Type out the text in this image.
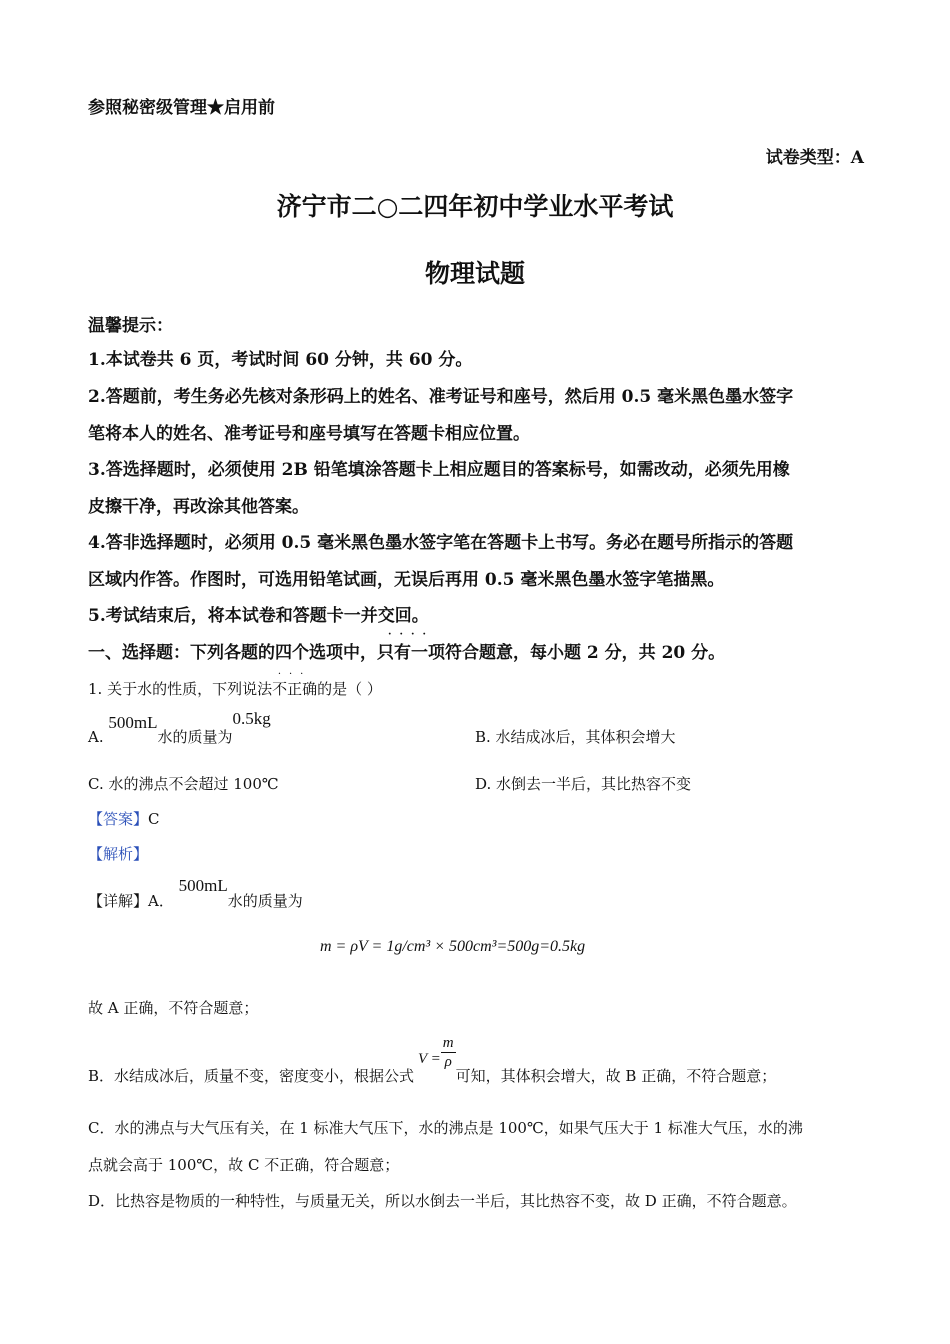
参照秘密级管理★启用前
试卷类型：A
济宁市二○二四年初中学业水平考试
物理试题
温馨提示：
1.本试卷共 6 页，考试时间 60 分钟，共 60 分。
2.答题前，考生务必先核对条形码上的姓名、准考证号和座号，然后用 0.5 毫米黑色墨水签字
笔将本人的姓名、准考证号和座号填写在答题卡相应位置。
3.答选择题时，必须使用 2B 铅笔填涂答题卡上相应题目的答案标号，如需改动，必须先用橡
皮擦干净，再改涂其他答案。
4.答非选择题时，必须用 0.5 毫米黑色墨水签字笔在答题卡上书写。务必在题号所指示的答题
区域内作答。作图时，可选用铅笔试画，无误后再用 0.5 毫米黑色墨水签字笔描黑。
5.考试结束后，将本试卷和答题卡一并交回。
一、选择题：下列各题的四个选项中，
····
只有一项符合题意，每小题 2 分，共 20 分。
1. 关于水的性质，下列说法
···
不正确的是（ ）
A. 500mL水的质量为0.5kg
B. 水结成冰后，其体积会增大
C. 水的沸点不会超过 100℃	D. 水倒去一半后，其比热容不变
【答案】C
【解析】
【详解】A． 500mL水的质量为
m = ρV = 1g/cm³ × 500cm³=500g=0.5kg
故 A 正确，不符合题意；
B．水结成冰后，质量不变，密度变小，根据公式$V = \frac{m}{\rho}$
可知，其体积会增大，故 B 正确，不符合题意；
C．水的沸点与大气压有关，在 1 标准大气压下，水的沸点是 100℃，如果气压大于 1 标准大气压，水的沸
点就会高于 100℃，故 C 不正确，符合题意；
D．比热容是物质的一种特性，与质量无关，所以水倒去一半后，其比热容不变，故 D 正确，不符合题意。
